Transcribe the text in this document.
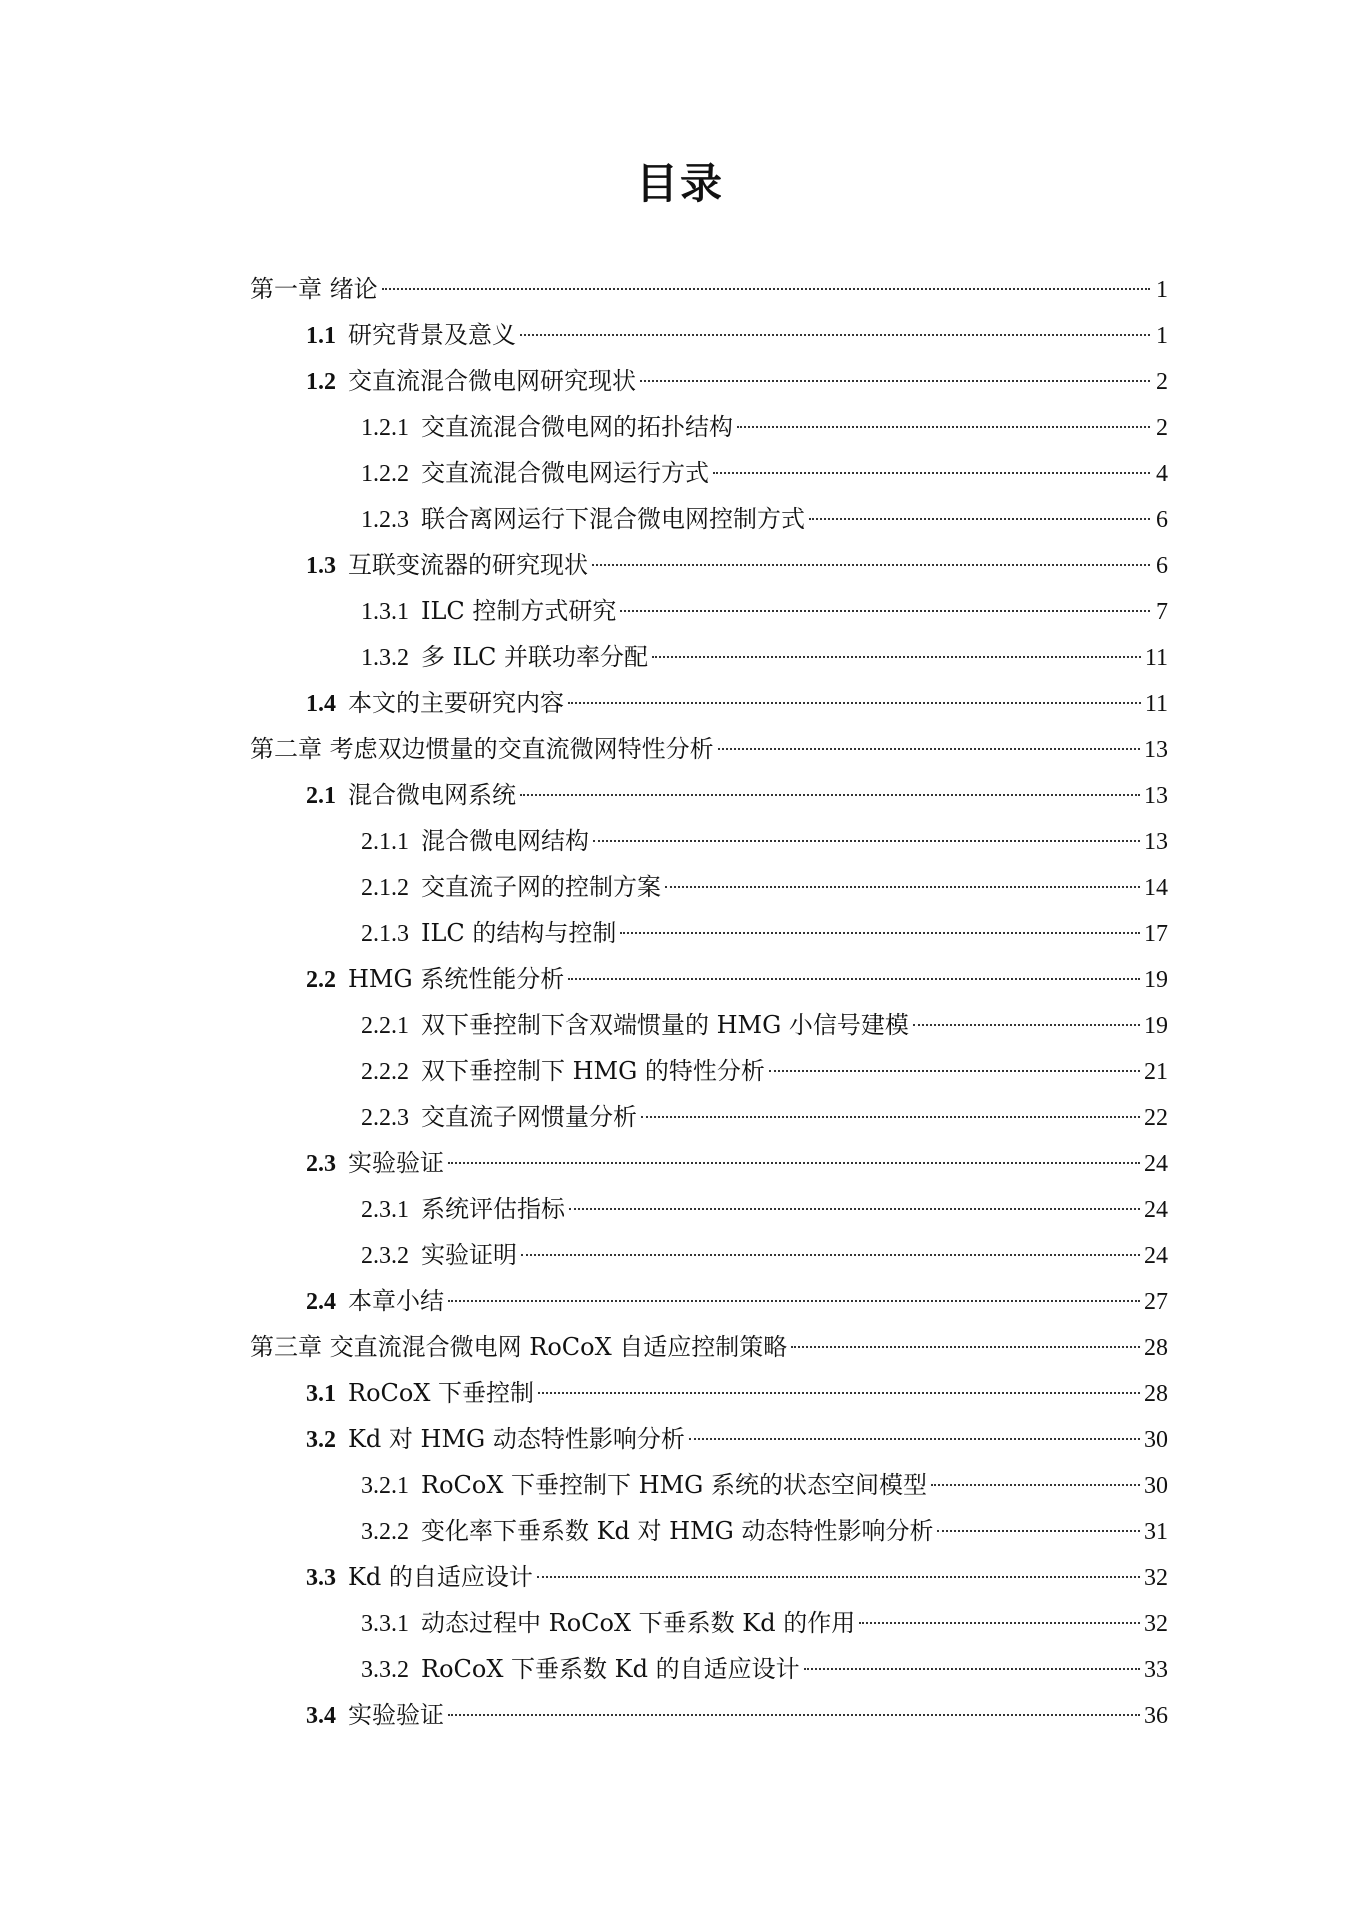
目录
第一章 绪论	1
1.1 研究背景及意义	1
1.2 交直流混合微电网研究现状	2
1.2.1 交直流混合微电网的拓扑结构	2
1.2.2 交直流混合微电网运行方式	4
1.2.3 联合离网运行下混合微电网控制方式	6
1.3 互联变流器的研究现状	6
1.3.1 ILC 控制方式研究	7
1.3.2 多 ILC 并联功率分配	11
1.4 本文的主要研究内容	11
第二章 考虑双边惯量的交直流微网特性分析	13
2.1 混合微电网系统	13
2.1.1 混合微电网结构	13
2.1.2 交直流子网的控制方案	14
2.1.3 ILC 的结构与控制	17
2.2 HMG 系统性能分析	19
2.2.1 双下垂控制下含双端惯量的 HMG 小信号建模	19
2.2.2 双下垂控制下 HMG 的特性分析	21
2.2.3 交直流子网惯量分析	22
2.3 实验验证	24
2.3.1 系统评估指标	24
2.3.2 实验证明	24
2.4 本章小结	27
第三章 交直流混合微电网 RoCoX 自适应控制策略	28
3.1 RoCoX 下垂控制	28
3.2 Kd 对 HMG 动态特性影响分析	30
3.2.1 RoCoX 下垂控制下 HMG 系统的状态空间模型	30
3.2.2 变化率下垂系数 Kd 对 HMG 动态特性影响分析	31
3.3 Kd 的自适应设计	32
3.3.1 动态过程中 RoCoX 下垂系数 Kd 的作用	32
3.3.2 RoCoX 下垂系数 Kd 的自适应设计	33
3.4 实验验证	36
